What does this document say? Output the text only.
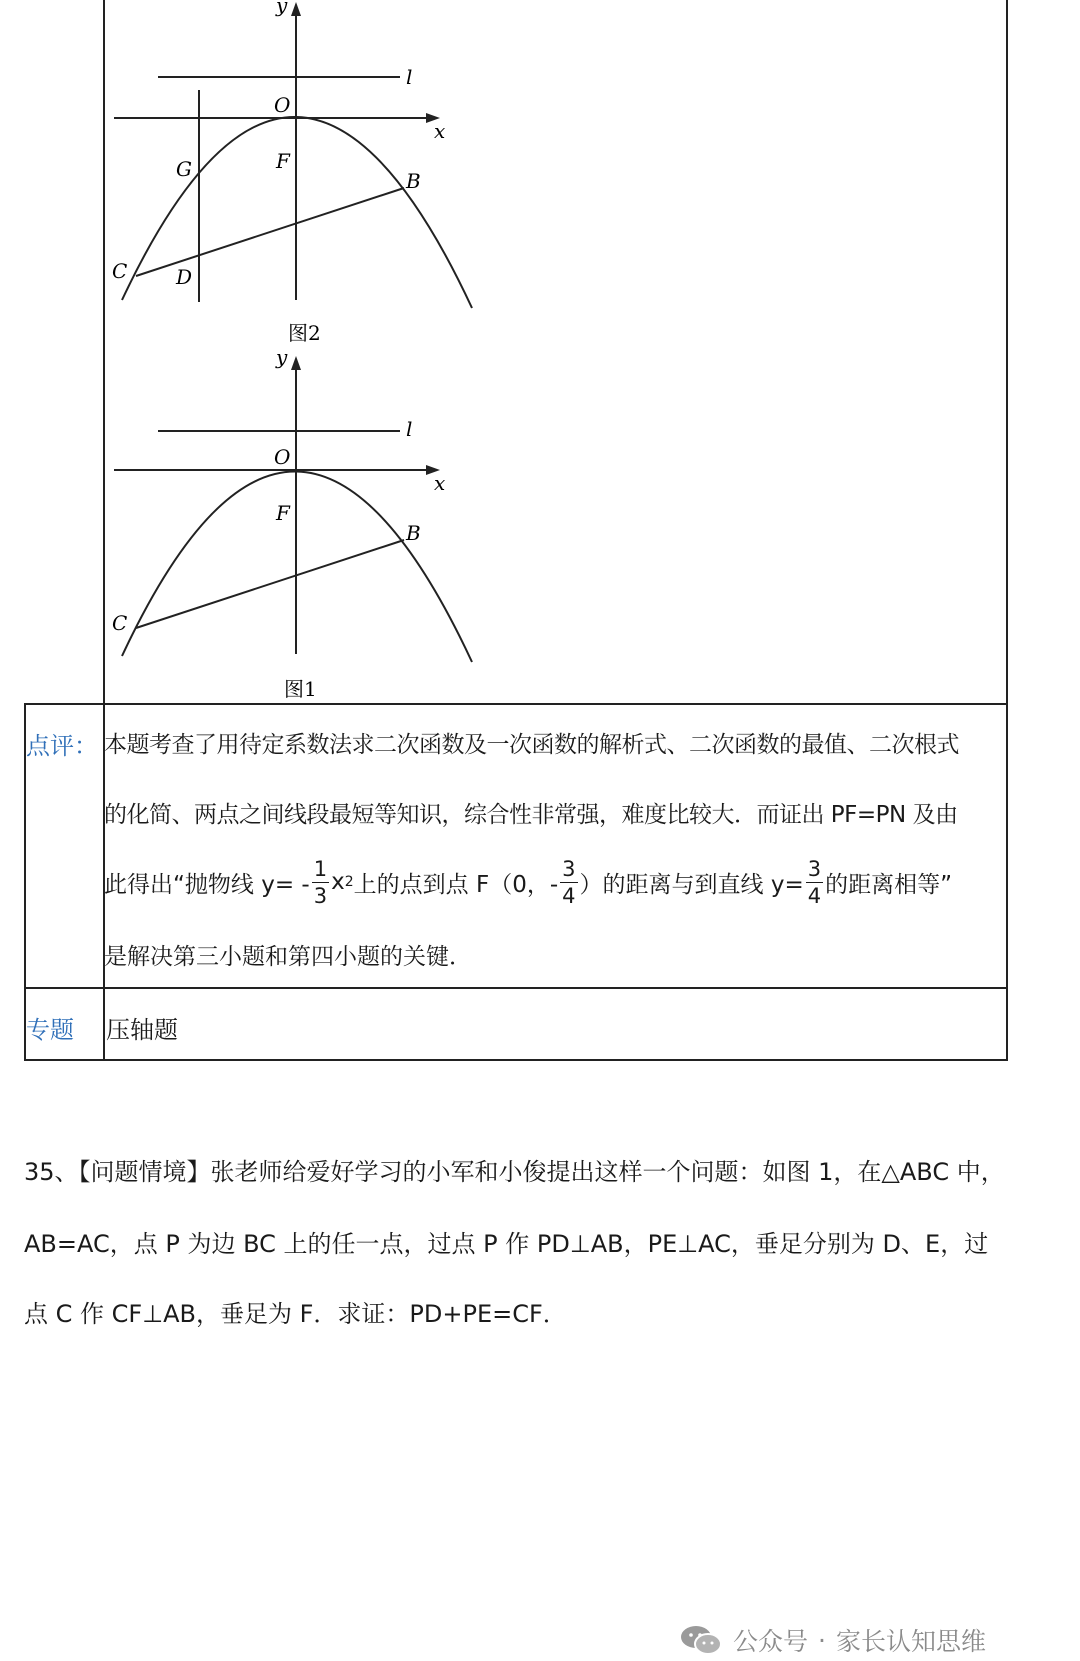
y
l
O
x
F
G	B
C D
图2
y
l
O
x
F
B
C
图1
点评： 本题考查了用待定系数法求二次函数及一次函数的解析式、二次函数的最值、二次根式
的化简、两点之间线段最短等知识，综合性非常强，难度比较大．而证出 PF=PN 及由
此得出“抛物线 $y= - \frac{1}{3}$ x 2 上的点到点 F（0，- $\frac{3}{4}$ ）的距离与到直线 $y= \frac{3}{4}$ 的距离相等”
是解决第三小题和第四小题的关键．
专题 压轴题
35、【问题情境】张老师给爱好学习的小军和小俊提出这样一个问题：如图 1，在△ABC 中，
AB=AC，点 P 为边 BC 上的任一点，过点 P 作 PD⊥AB，PE⊥AC，垂足分别为 D、E，过
点 C 作 CF⊥AB，垂足为 F．求证：PD+PE=CF．
公众号 · 家长认知思维
